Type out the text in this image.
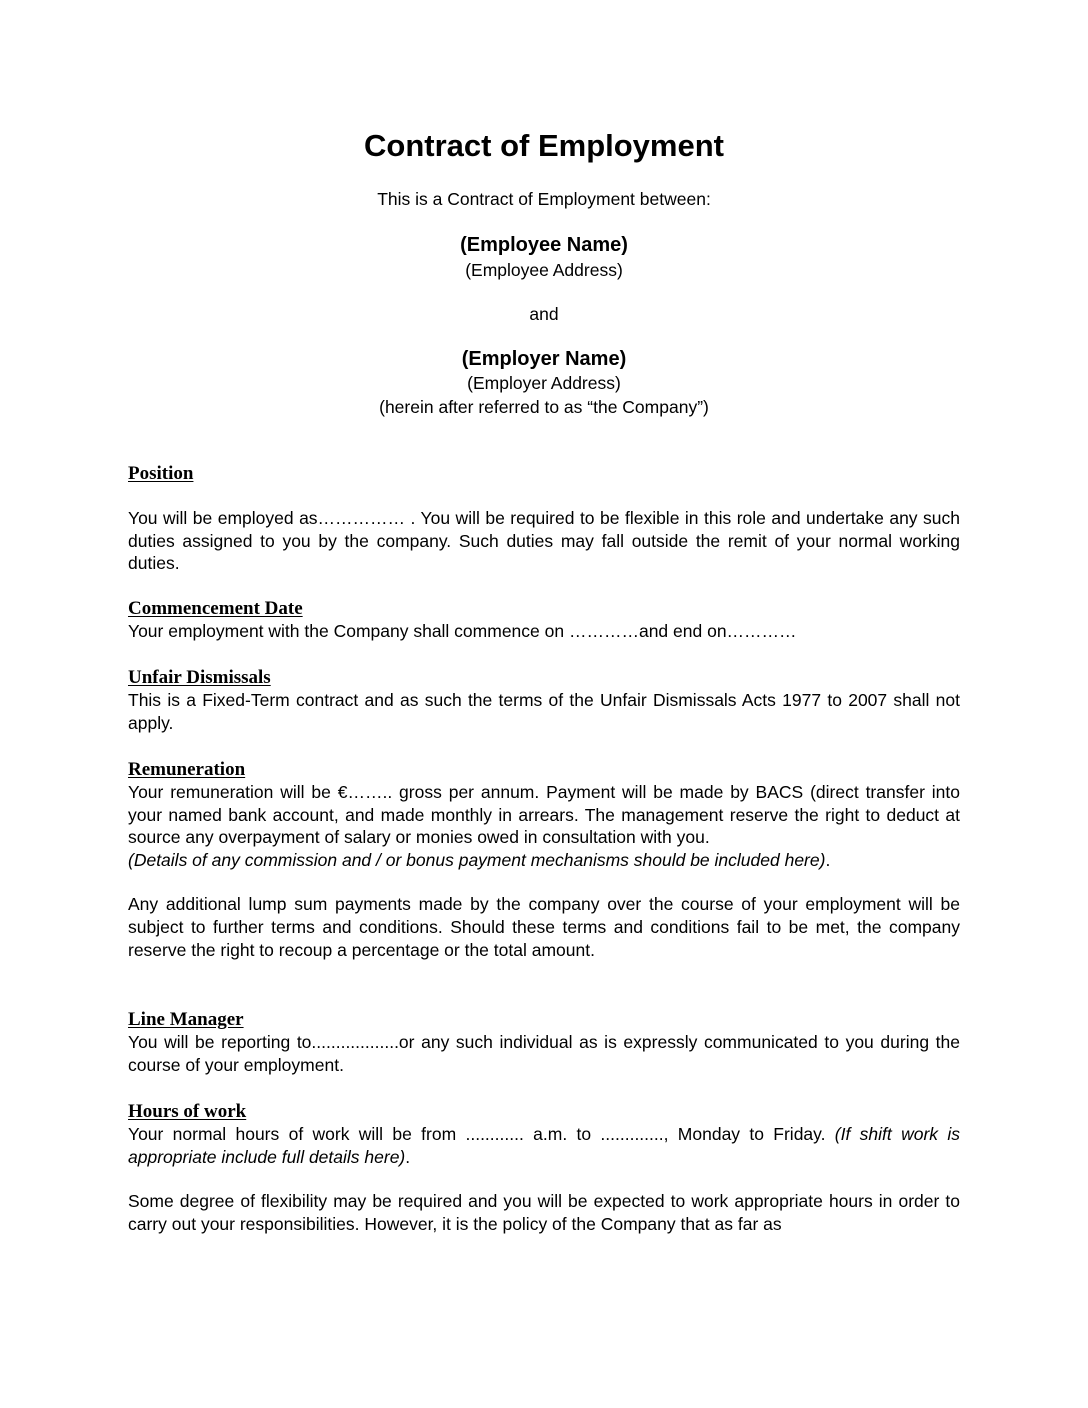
Contract of Employment
This is a Contract of Employment between:
(Employee Name)
(Employee Address)
and
(Employer Name)
(Employer Address)
(herein after referred to as “the Company”)
Position

You will be employed as…………… . You will be required to be flexible in this role and undertake any such duties assigned to you by the company. Such duties may fall outside the remit of your normal working duties.

Commencement Date

Your employment with the Company shall commence on …………and end on…………

Unfair Dismissals

This is a Fixed-Term contract and as such the terms of the Unfair Dismissals Acts 1977 to 2007 shall not apply.

Remuneration

Your remuneration will be €…….. gross per annum. Payment will be made by BACS (direct transfer into your named bank account, and made monthly in arrears. The management reserve the right to deduct at source any overpayment of salary or monies owed in consultation with you.

(Details of any commission and / or bonus payment mechanisms should be included here).

Any additional lump sum payments made by the company over the course of your employment will be subject to further terms and conditions. Should these terms and conditions fail to be met, the company reserve the right to recoup a percentage or the total amount.

Line Manager

You will be reporting to..................or any such individual as is expressly communicated to you during the course of your employment.

Hours of work

Your normal hours of work will be from ............ a.m. to ............., Monday to Friday. (If shift work is appropriate include full details here).

Some degree of flexibility may be required and you will be expected to work appropriate hours in order to carry out your responsibilities. However, it is the policy of the Company that as far as
